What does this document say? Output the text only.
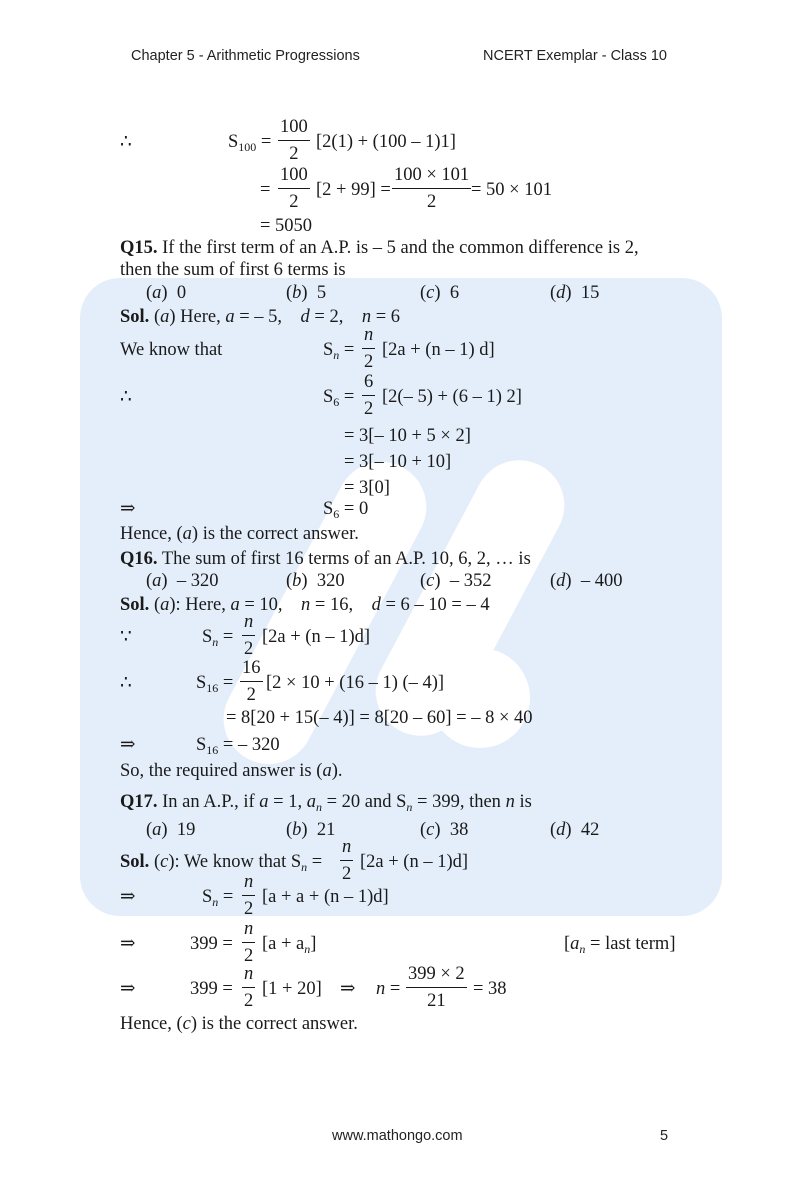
Chapter 5 - Arithmetic Progressions	NCERT Exemplar - Class 10
∴	$S_{100} = \frac{100}{2} [2(1) + (100 - 1)1]$
= $\frac{100}{2} [2 + 99] = \frac{100 \times 101}{2} = 50 \times 101$
= 5050
Q15. If the first term of an A.P. is – 5 and the common difference is 2,
then the sum of first 6 terms is
(a)  0	(b)  5	(c)  6	(d)  15
Sol. (a) Here, a = – 5, d = 2, n = 6
We know that	$S_n = \frac{n}{2} [2a + (n - 1)$ d]
∴	$S_6 = \frac{6}{2} [2(-$ 5) + (6 – 1) 2]
= 3[– 10 + 5 × 2]
= 3[– 10 + 10]
= 3[0]
⇒	$S_6 = 0$
Hence, (a) is the correct answer.
Q16. The sum of first 16 terms of an A.P. 10, 6, 2, … is
(a)  – 320	(b)  320	(c)  – 352	(d)  – 400
Sol. (a): Here, a = 10, n = 16, d = 6 – 10 = – 4
∵	$S_n = \frac{n}{2} [2a + (n - 1)d]$
∴	$S_{16} = \frac{16}{2} [2 \times 10 + (16 - 1)$ (– 4)]
= 8[20 + 15(– 4)] = 8[20 – 60] = – 8 × 40
⇒	$S_{16}$ = – 320
So, the required answer is (a).
Q17. In an A.P., if a = 1, $a_n = 20$ and $S_n = 399$, then n is
(a)  19	(b)  21	(c)  38	(d)  42
Sol. (c): We know that $S_n = \frac{n}{2} [2a + (n - 1)d]$
⇒	$S_n = \frac{n}{2} [a + a + (n - 1)d]$
⇒	$399 = \frac{n}{2} [a + a_n]$	[$a_n$ = last term]
⇒	$399 = \frac{n}{2} [1 + 20]$ ⇒ $n = \frac{399 \times 2}{21} = 38$
Hence, (c) is the correct answer.
www.mathongo.com	5
